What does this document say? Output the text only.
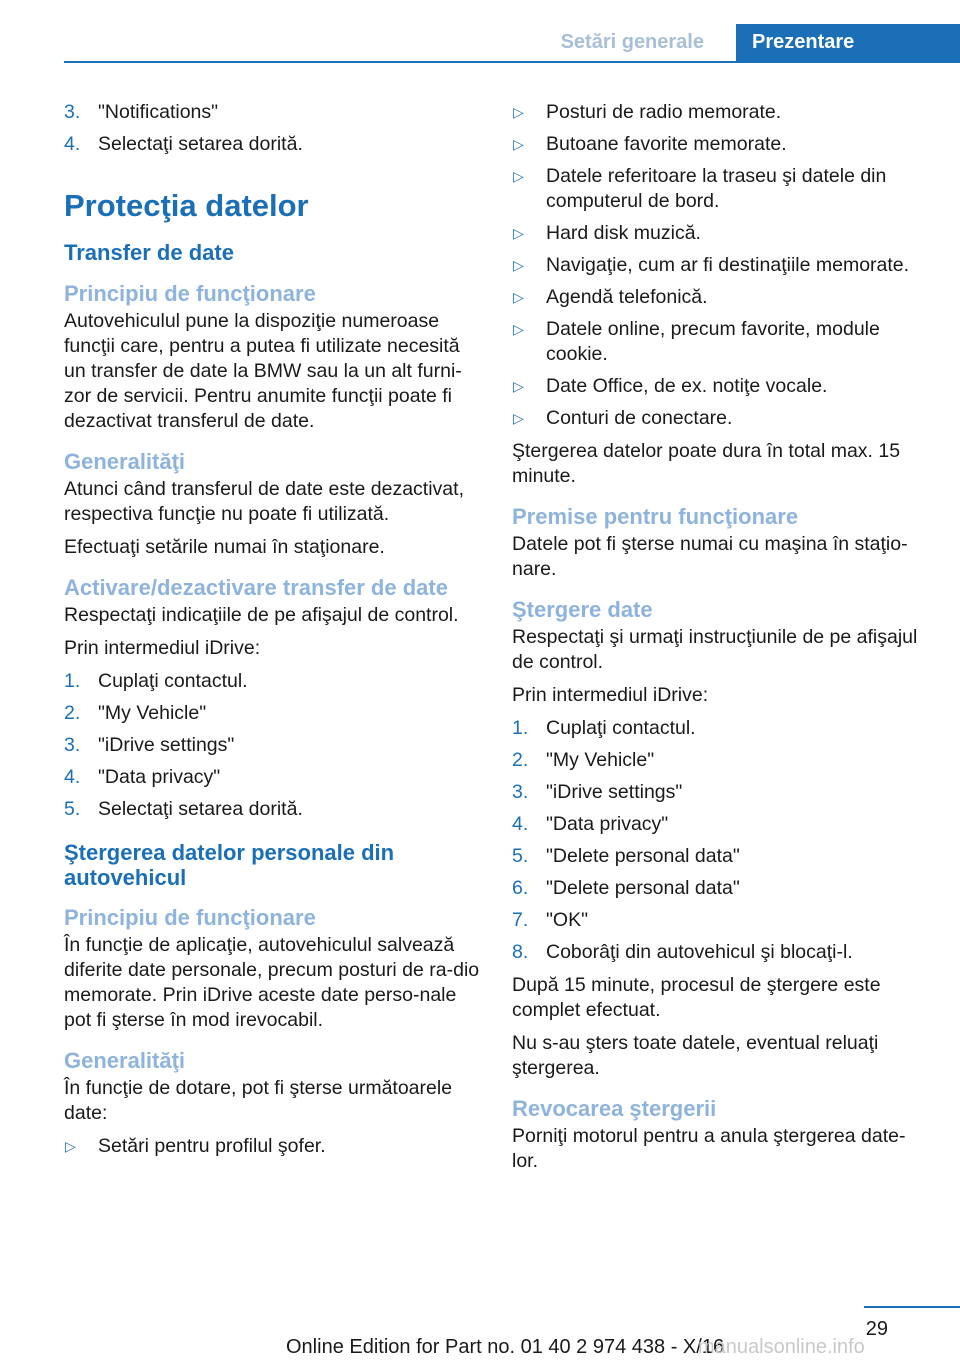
Setări generale	Prezentare
3. "Notifications"
4. Selectaţi setarea dorită.
Protecţia datelor
Transfer de date
Principiu de funcţionare

Autovehiculul pune la dispoziţie numeroase funcţii care, pentru a putea fi utilizate necesită un transfer de date la BMW sau la un alt furni-zor de servicii. Pentru anumite funcţii poate fi dezactivat transferul de date.

Generalităţi

Atunci când transferul de date este dezactivat, respectiva funcţie nu poate fi utilizată.

Efectuaţi setările numai în staţionare.

Activare/dezactivare transfer de date

Respectaţi indicaţiile de pe afişajul de control.

Prin intermediul iDrive:

1. Cuplaţi contactul.
2. "My Vehicle"
3. "iDrive settings"
4. "Data privacy"
5. Selectaţi setarea dorită.
Ştergerea datelor personale din autovehicul
Principiu de funcţionare

În funcţie de aplicaţie, autovehiculul salvează diferite date personale, precum posturi de ra-dio memorate. Prin iDrive aceste date perso-nale pot fi şterse în mod irevocabil.

Generalităţi

În funcţie de dotare, pot fi şterse următoarele date:

▷ Setări pentru profilul şofer.
▷ Posturi de radio memorate.
▷ Butoane favorite memorate.
▷ Datele referitoare la traseu şi datele din computerul de bord.
▷ Hard disk muzică.
▷ Navigaţie, cum ar fi destinaţiile memorate.
▷ Agendă telefonică.
▷ Datele online, precum favorite, module cookie.
▷ Date Office, de ex. notiţe vocale.
▷ Conturi de conectare.

Ştergerea datelor poate dura în total max. 15 minute.

Premise pentru funcţionare

Datele pot fi şterse numai cu maşina în staţio-nare.

Ştergere date

Respectaţi şi urmaţi instrucţiunile de pe afişajul de control.

Prin intermediul iDrive:

1. Cuplaţi contactul.
2. "My Vehicle"
3. "iDrive settings"
4. "Data privacy"
5. "Delete personal data"
6. "Delete personal data"
7. "OK"
8. Coborâţi din autovehicul şi blocaţi-l.

După 15 minute, procesul de ştergere este complet efectuat.

Nu s-au şters toate datele, eventual reluaţi ştergerea.

Revocarea ştergerii

Porniţi motorul pentru a anula ştergerea date-lor.

29
Online Edition for Part no. 01 40 2 974 438 - X/16
manualsonline.info
